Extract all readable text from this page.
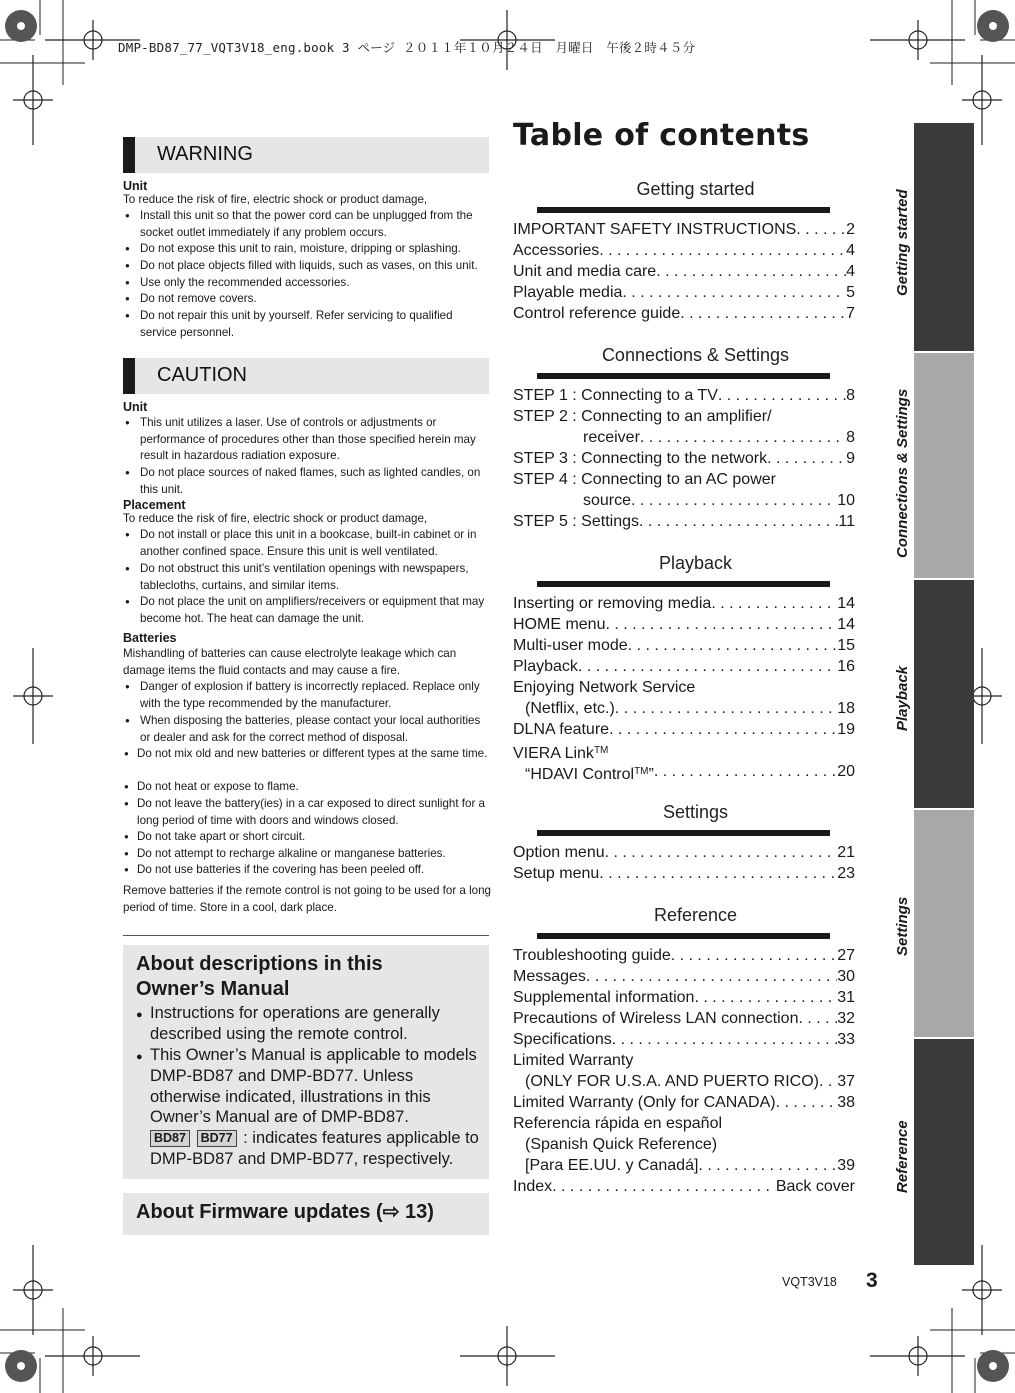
DMP-BD87_77_VQT3V18_eng.book 3 ページ ２０１１年１０月２４日　月曜日　午後２時４５分
WARNING
Unit
To reduce the risk of fire, electric shock or product damage,
● Install this unit so that the power cord can be unplugged from the socket outlet immediately if any problem occurs.
● Do not expose this unit to rain, moisture, dripping or splashing.
● Do not place objects filled with liquids, such as vases, on this unit.
● Use only the recommended accessories.
● Do not remove covers.
● Do not repair this unit by yourself. Refer servicing to qualified service personnel.
CAUTION
Unit
● This unit utilizes a laser. Use of controls or adjustments or performance of procedures other than those specified herein may result in hazardous radiation exposure.
● Do not place sources of naked flames, such as lighted candles, on this unit.
Placement
To reduce the risk of fire, electric shock or product damage,
● Do not install or place this unit in a bookcase, built-in cabinet or in another confined space. Ensure this unit is well ventilated.
● Do not obstruct this unit’s ventilation openings with newspapers, tablecloths, curtains, and similar items.
● Do not place the unit on amplifiers/receivers or equipment that may become hot. The heat can damage the unit.
Batteries
Mishandling of batteries can cause electrolyte leakage which can damage items the fluid contacts and may cause a fire.
● Danger of explosion if battery is incorrectly replaced. Replace only with the type recommended by the manufacturer.
● When disposing the batteries, please contact your local authorities or dealer and ask for the correct method of disposal.
● Do not mix old and new batteries or different types at the same time.
● Do not heat or expose to flame.
● Do not leave the battery(ies) in a car exposed to direct sunlight for a long period of time with doors and windows closed.
● Do not take apart or short circuit.
● Do not attempt to recharge alkaline or manganese batteries.
● Do not use batteries if the covering has been peeled off.
Remove batteries if the remote control is not going to be used for a long period of time. Store in a cool, dark place.
About descriptions in this
Owner’s Manual
● Instructions for operations are generally described using the remote control.
● This Owner’s Manual is applicable to models DMP-BD87 and DMP-BD77. Unless otherwise indicated, illustrations in this Owner’s Manual are of DMP-BD87.
BD87 BD77 : indicates features applicable to DMP-BD87 and DMP-BD77, respectively.
About Firmware updates (⇨ 13)
Table of contents
Getting started
IMPORTANT SAFETY INSTRUCTIONS . . .	2
Accessories . . .	4
Unit and media care . . .	4
Playable media . . .	5
Control reference guide . . .	7
Connections & Settings
STEP 1 : Connecting to a TV . . .	8
STEP 2 : Connecting to an amplifier/
receiver . . .	8
STEP 3 : Connecting to the network . . .	9
STEP 4 : Connecting to an AC power
source . . .	10
STEP 5 : Settings . . .	11
Playback
Inserting or removing media . . .	14
HOME menu . . .	14
Multi-user mode . . .	15
Playback . . .	16
Enjoying Network Service
(Netflix, etc.) . . .	18
DLNA feature . . .	19
VIERA Link™
“HDAVI Control™” . . .	20
Settings
Option menu . . .	21
Setup menu . . .	23
Reference
Troubleshooting guide . . .	27
Messages . . .	30
Supplemental information . . .	31
Precautions of Wireless LAN connection . . . 32
Specifications . . .	33
Limited Warranty
(ONLY FOR U.S.A. AND PUERTO RICO) . . . 37
Limited Warranty (Only for CANADA) . . .	38
Referencia rápida en español
(Spanish Quick Reference)
[Para EE.UU. y Canadá] . . .	39
Index . . .	Back cover
Getting started
Connections & Settings
Playback
Settings
Reference
VQT3V18 3
